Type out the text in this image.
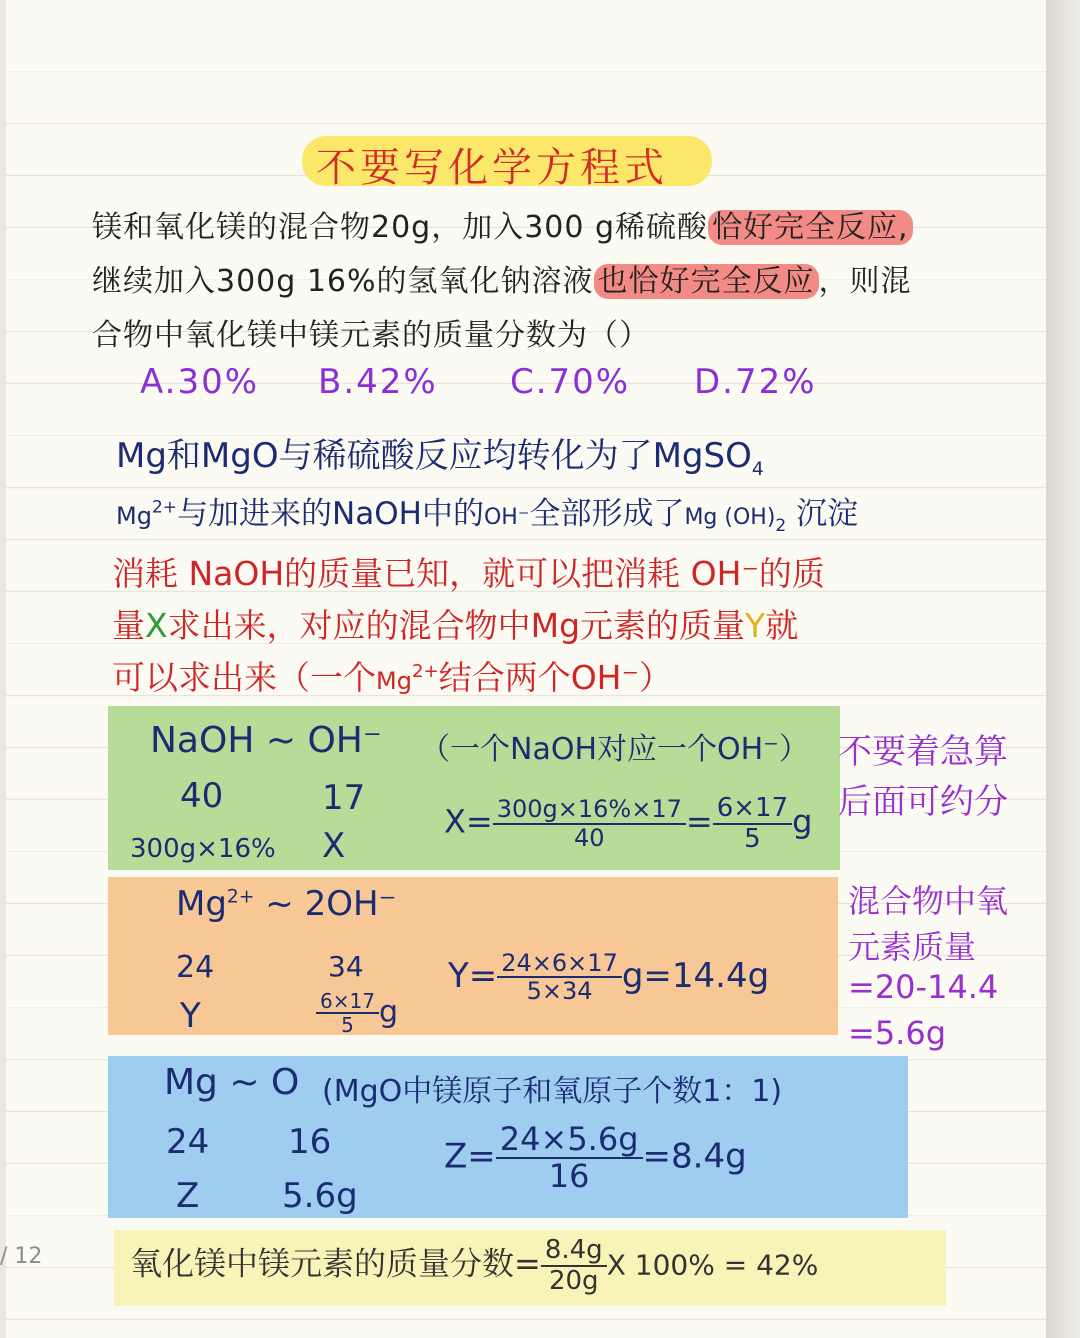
不要写化学方程式
镁和氧化镁的混合物20g，加入300 g稀硫酸 恰好完全反应,
继续加入300g 16%的氢氧化钠溶液 也恰好完全反应 ，则混
合物中氧化镁中镁元素的质量分数为（）
A.30% B.42% C.70% D.72%
Mg和MgO与稀硫酸反应均转化为了MgSO$_4$
$Mg^{2+}$与加进来的NaOH中的OH⁻全部形成了Mg $(OH)_2$ 沉淀
消耗 NaOH的质量已知，就可以把消耗 OH⁻的质
量X求出来，对应的混合物中Mg元素的质量Y就
可以求出来（一个$Mg^{2+}$结合两个OH⁻）
NaOH ~ OH⁻ （一个NaOH对应一个OH⁻）
40	17
300g×16% X
$X= \frac{300g\times 16\%\times 17}{40} = \frac{6\times 17}{5}$ g
不要着急算
后面可约分
$Mg^{2+}$ ~ 2OH⁻
24	34
Y	$\frac{6\times 17}{5}$ g
$Y= \frac{24\times 6\times 17}{5\times 34} g=14.4g$
混合物中氧
元素质量
=20-14.4
=5.6g
Mg ~ O (MgO中镁原子和氧原子个数1：1)
24 16
Z 5.6g
$Z= \frac{24\times 5.6g}{16} =8.4g$
氧化镁中镁元素的质量分数= $\frac{8.4g}{20g}$ X 100% = 42%
/ 12
